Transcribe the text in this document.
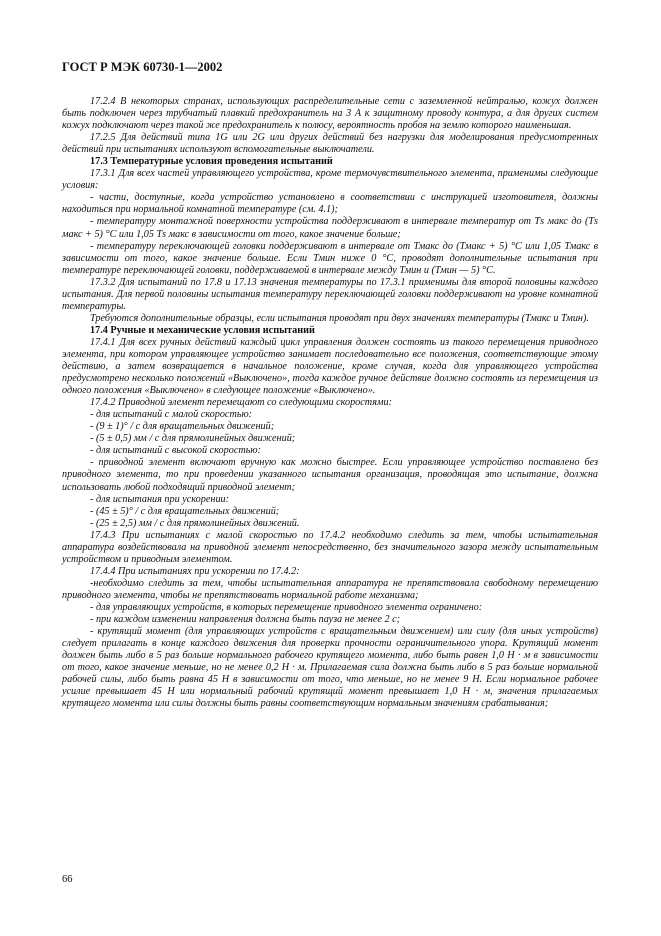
ГОСТ Р МЭК 60730-1—2002

17.2.4 В некоторых странах, использующих распределительные сети с заземленной нейтралью, кожух должен быть подключен через трубчатый плавкий предохранитель на 3 А к защитному проводу контура, а для других систем кожух подключают через такой же предохранитель к полюсу, вероятность пробоя на землю которого наименьшая.

17.2.5 Для действий типа 1G или 2G или других действий без нагрузки для моделирования предусмотренных действий при испытаниях используют вспомогательные выключатели.

17.3 Температурные условия проведения испытаний

17.3.1 Для всех частей управляющего устройства, кроме термочувствительного элемента, применимы следующие условия:

- части, доступные, когда устройство установлено в соответствии с инструкцией изготовителя, должны находиться при нормальной комнатной температуре (см. 4.1);

- температуру монтажной поверхности устройства поддерживают в интервале температур от Тs макс до (Тs макс + 5) °С или 1,05 Тs макс в зависимости от того, какое значение больше;

- температуру переключающей головки поддерживают в интервале от Тмакс до (Тмакс + 5) °С или 1,05 Тмакс в зависимости от того, какое значение больше. Если Тмин ниже 0 °С, проводят дополнительные испытания при температуре переключающей головки, поддерживаемой в интервале между Тмин и (Тмин — 5) °С.

17.3.2 Для испытаний по 17.8 и 17.13 значения температуры по 17.3.1 применимы для второй половины каждого испытания. Для первой половины испытания температуру переключающей головки поддерживают на уровне комнатной температуры.

Требуются дополнительные образцы, если испытания проводят при двух значениях температуры (Тмакс и Тмин).

17.4 Ручные и механические условия испытаний

17.4.1 Для всех ручных действий каждый цикл управления должен состоять из такого перемещения приводного элемента, при котором управляющее устройство занимает последовательно все положения, соответствующие этому действию, а затем возвращается в начальное положение, кроме случая, когда для управляющего устройства предусмотрено несколько положений «Выключено», тогда каждое ручное действие должно состоять из перемещения из одного положения «Выключено» в следующее положение «Выключено».

17.4.2 Приводной элемент перемещают со следующими скоростями:

- для испытаний с малой скоростью:

- (9 ± 1)° / с для вращательных движений;

- (5 ± 0,5) мм / с для прямолинейных движений;

- для испытаний с высокой скоростью:

- приводной элемент включают вручную как можно быстрее. Если управляющее устройство поставлено без приводного элемента, то при проведении указанного испытания организация, проводящая это испытание, должна использовать любой подходящий приводной элемент;

- для испытания при ускорении:

- (45 ± 5)° / с для вращательных движений;

- (25 ± 2,5) мм / с для прямолинейных движений.

17.4.3 При испытаниях с малой скоростью по 17.4.2 необходимо следить за тем, чтобы испытательная аппаратура воздействовала на приводной элемент непосредственно, без значительного зазора между испытательным устройством и приводным элементом.

17.4.4 При испытаниях при ускорении по 17.4.2:

-необходимо следить за тем, чтобы испытательная аппаратура не препятствовала свободному перемещению приводного элемента, чтобы не препятствовать нормальной работе механизма;

- для управляющих устройств, в которых перемещение приводного элемента ограничено:

- при каждом изменении направления должна быть пауза не менее 2 с;

- крутящий момент (для управляющих устройств с вращательным движением) или силу (для иных устройств) следует прилагать в конце каждого движения для проверки прочности ограничительного упора. Крутящий момент должен быть либо в 5 раз больше нормального рабочего крутящего момента, либо быть равен 1,0 Н · м в зависимости от того, какое значение меньше, но не менее 0,2 Н · м. Прилагаемая сила должна быть либо в 5 раз больше нормальной рабочей силы, либо быть равна 45 Н в зависимости от того, что меньше, но не менее 9 Н. Если нормальное рабочее усилие превышает 45 Н или нормальный рабочий крутящий момент превышает 1,0 Н · м, значения прилагаемых крутящего момента или силы должны быть равны соответствующим нормальным значениям срабатывания;

66
